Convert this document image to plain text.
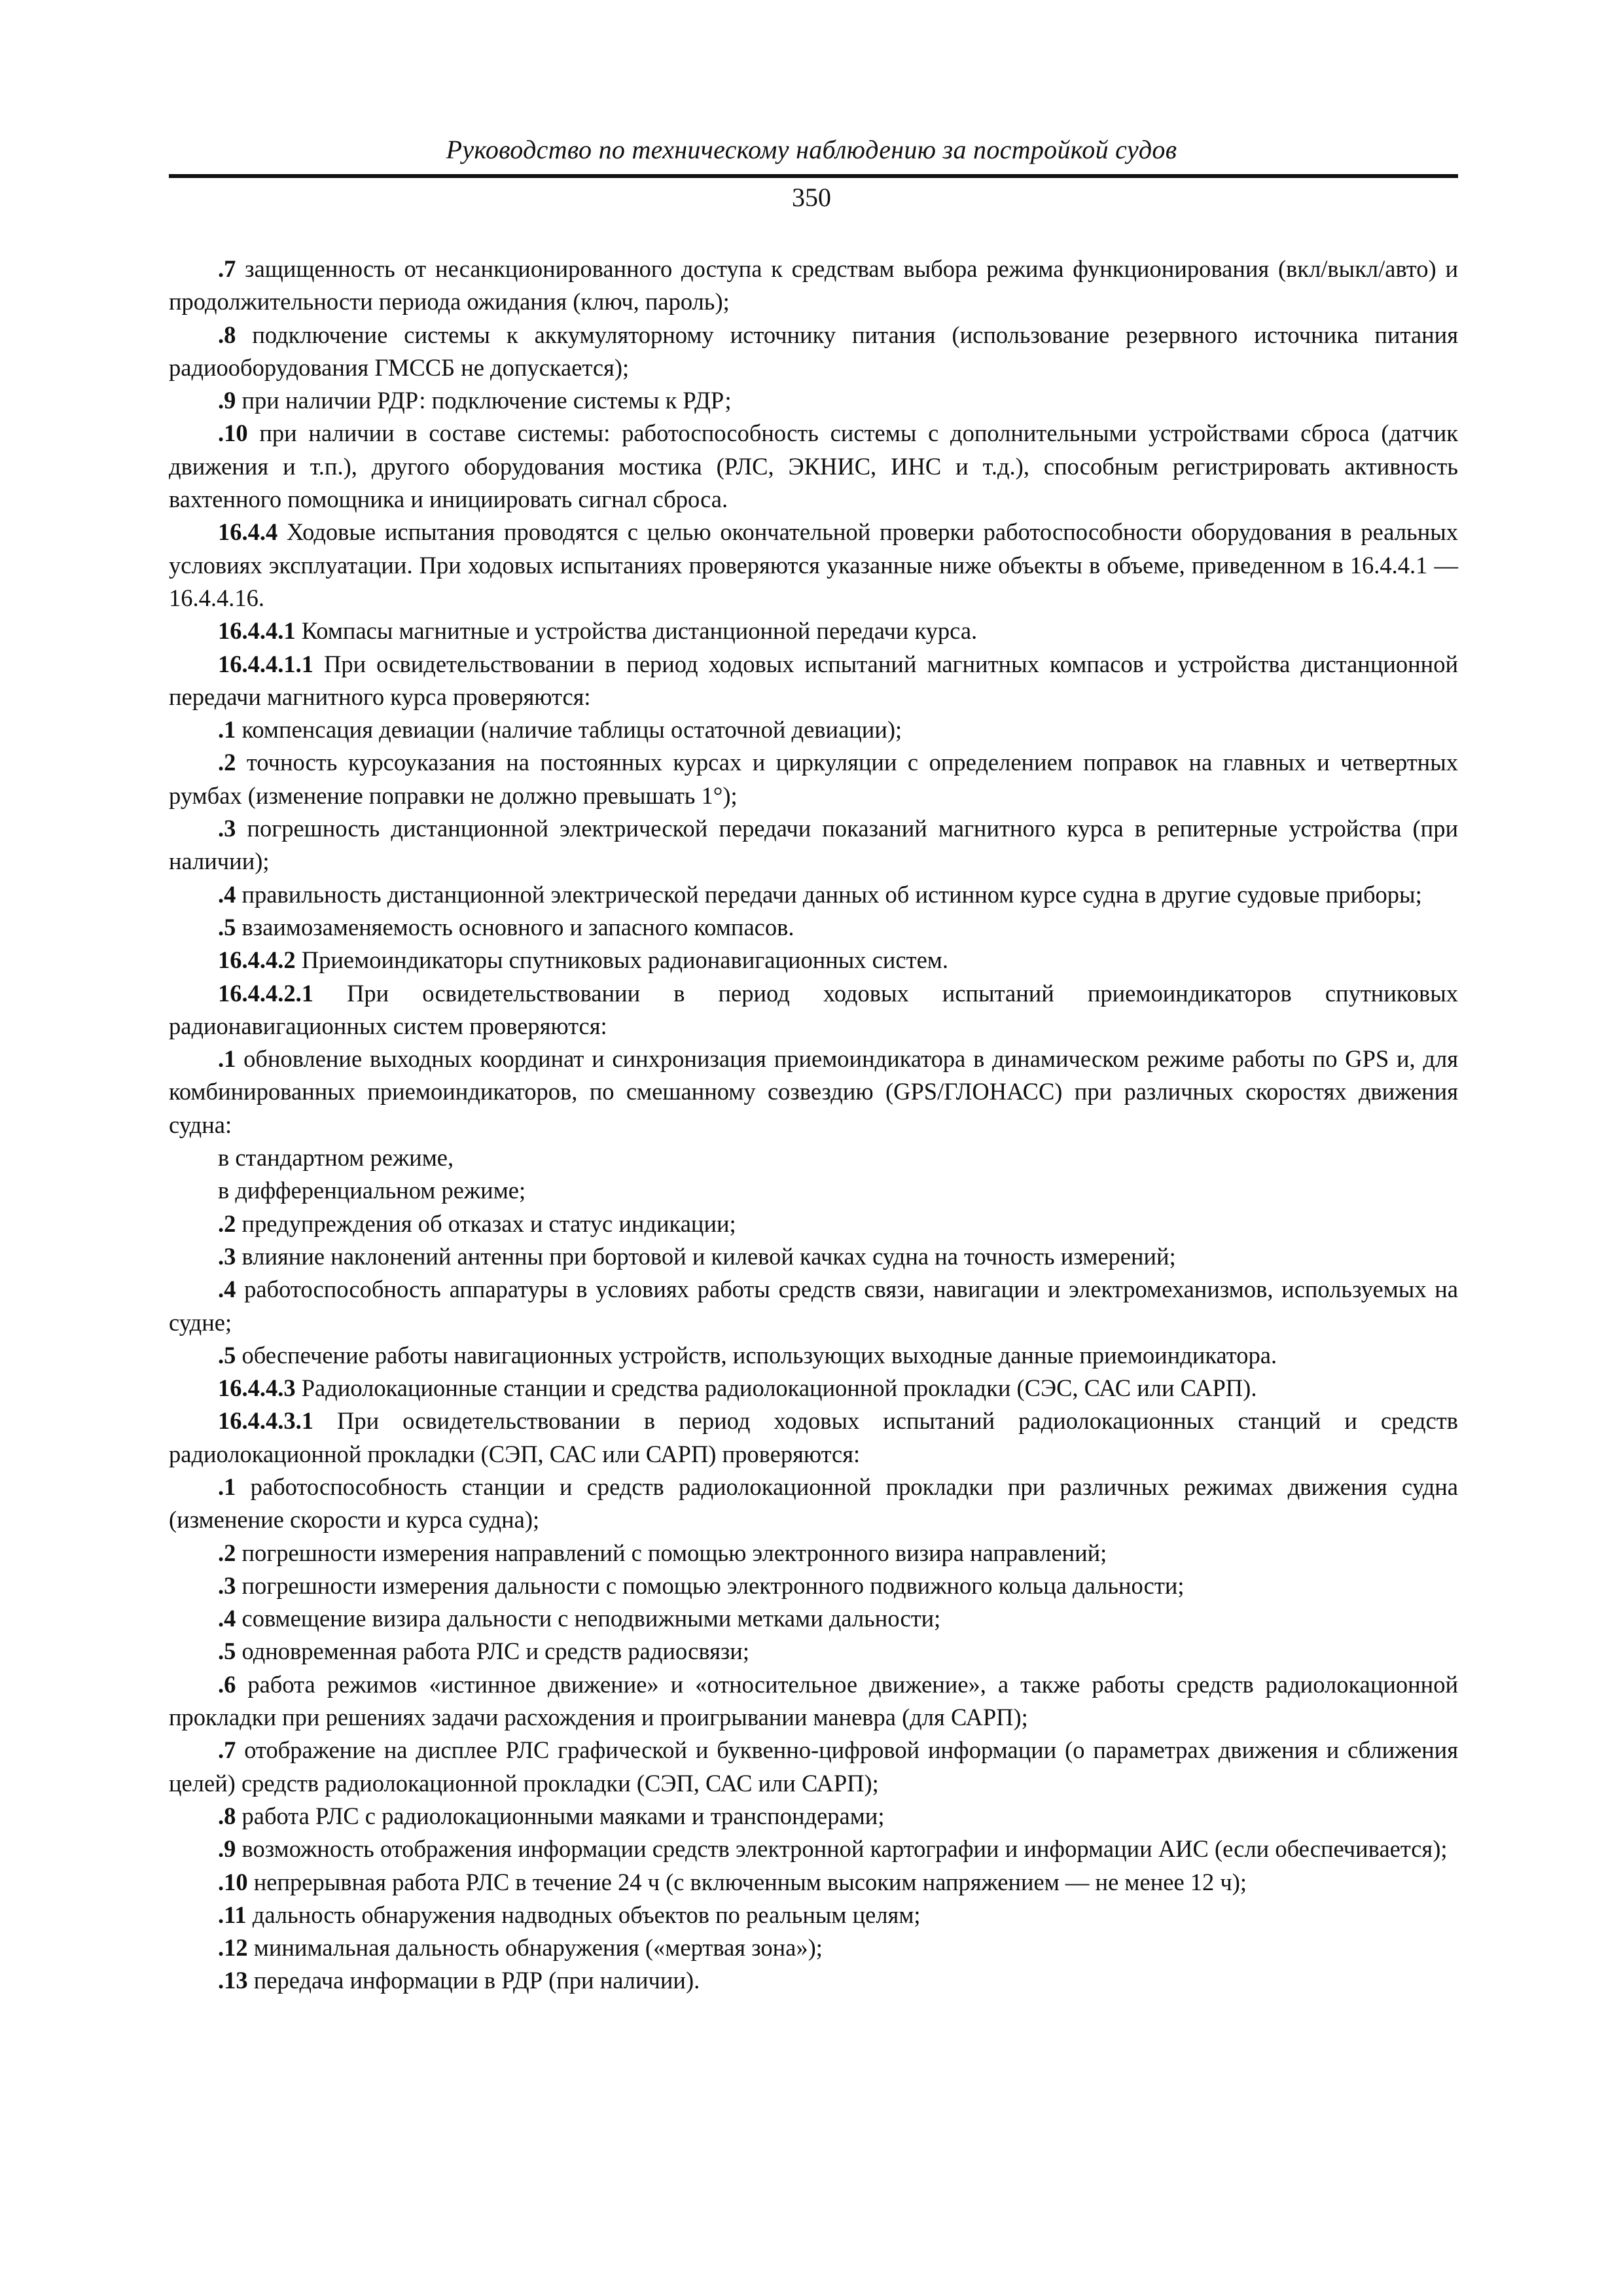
Руководство по техническому наблюдению за постройкой судов
350

.7 защищенность от несанкционированного доступа к средствам выбора режима функционирования (вкл/выкл/авто) и продолжительности периода ожидания (ключ, пароль);

.8 подключение системы к аккумуляторному источнику питания (использование резервного источника питания радиооборудования ГМССБ не допускается);

.9 при наличии РДР: подключение системы к РДР;

.10 при наличии в составе системы: работоспособность системы с дополнительными устройствами сброса (датчик движения и т.п.), другого оборудования мостика (РЛС, ЭКНИС, ИНС и т.д.), способным регистрировать активность вахтенного помощника и инициировать сигнал сброса.

16.4.4 Ходовые испытания проводятся с целью окончательной проверки работоспособности оборудования в реальных условиях эксплуатации. При ходовых испытаниях проверяются указанные ниже объекты в объеме, приведенном в 16.4.4.1 — 16.4.4.16.

16.4.4.1 Компасы магнитные и устройства дистанционной передачи курса.

16.4.4.1.1 При освидетельствовании в период ходовых испытаний магнитных компасов и устройства дистанционной передачи магнитного курса проверяются:

.1 компенсация девиации (наличие таблицы остаточной девиации);

.2 точность курсоуказания на постоянных курсах и циркуляции с определением поправок на главных и четвертных румбах (изменение поправки не должно превышать 1°);

.3 погрешность дистанционной электрической передачи показаний магнитного курса в репитерные устройства (при наличии);

.4 правильность дистанционной электрической передачи данных об истинном курсе судна в другие судовые приборы;

.5 взаимозаменяемость основного и запасного компасов.

16.4.4.2 Приемоиндикаторы спутниковых радионавигационных систем.

16.4.4.2.1 При освидетельствовании в период ходовых испытаний приемоиндикаторов спутниковых радионавигационных систем проверяются:

.1 обновление выходных координат и синхронизация приемоиндикатора в динамическом режиме работы по GPS и, для комбинированных приемоиндикаторов, по смешанному созвездию (GPS/ГЛОНАСС) при различных скоростях движения судна:

в стандартном режиме,

в дифференциальном режиме;

.2 предупреждения об отказах и статус индикации;

.3 влияние наклонений антенны при бортовой и килевой качках судна на точность измерений;

.4 работоспособность аппаратуры в условиях работы средств связи, навигации и электромеханизмов, используемых на судне;

.5 обеспечение работы навигационных устройств, использующих выходные данные приемоиндикатора.

16.4.4.3 Радиолокационные станции и средства радиолокационной прокладки (СЭС, САС или САРП).

16.4.4.3.1 При освидетельствовании в период ходовых испытаний радиолокационных станций и средств радиолокационной прокладки (СЭП, САС или САРП) проверяются:

.1 работоспособность станции и средств радиолокационной прокладки при различных режимах движения судна (изменение скорости и курса судна);

.2 погрешности измерения направлений с помощью электронного визира направлений;

.3 погрешности измерения дальности с помощью электронного подвижного кольца дальности;

.4 совмещение визира дальности с неподвижными метками дальности;

.5 одновременная работа РЛС и средств радиосвязи;

.6 работа режимов «истинное движение» и «относительное движение», а также работы средств радиолокационной прокладки при решениях задачи расхождения и проигрывании маневра (для САРП);

.7 отображение на дисплее РЛС графической и буквенно-цифровой информации (о параметрах движения и сближения целей) средств радиолокационной прокладки (СЭП, САС или САРП);

.8 работа РЛС с радиолокационными маяками и транспондерами;

.9 возможность отображения информации средств электронной картографии и информации АИС (если обеспечивается);

.10 непрерывная работа РЛС в течение 24 ч (с включенным высоким напряжением — не менее 12 ч);

.11 дальность обнаружения надводных объектов по реальным целям;

.12 минимальная дальность обнаружения («мертвая зона»);

.13 передача информации в РДР (при наличии).
